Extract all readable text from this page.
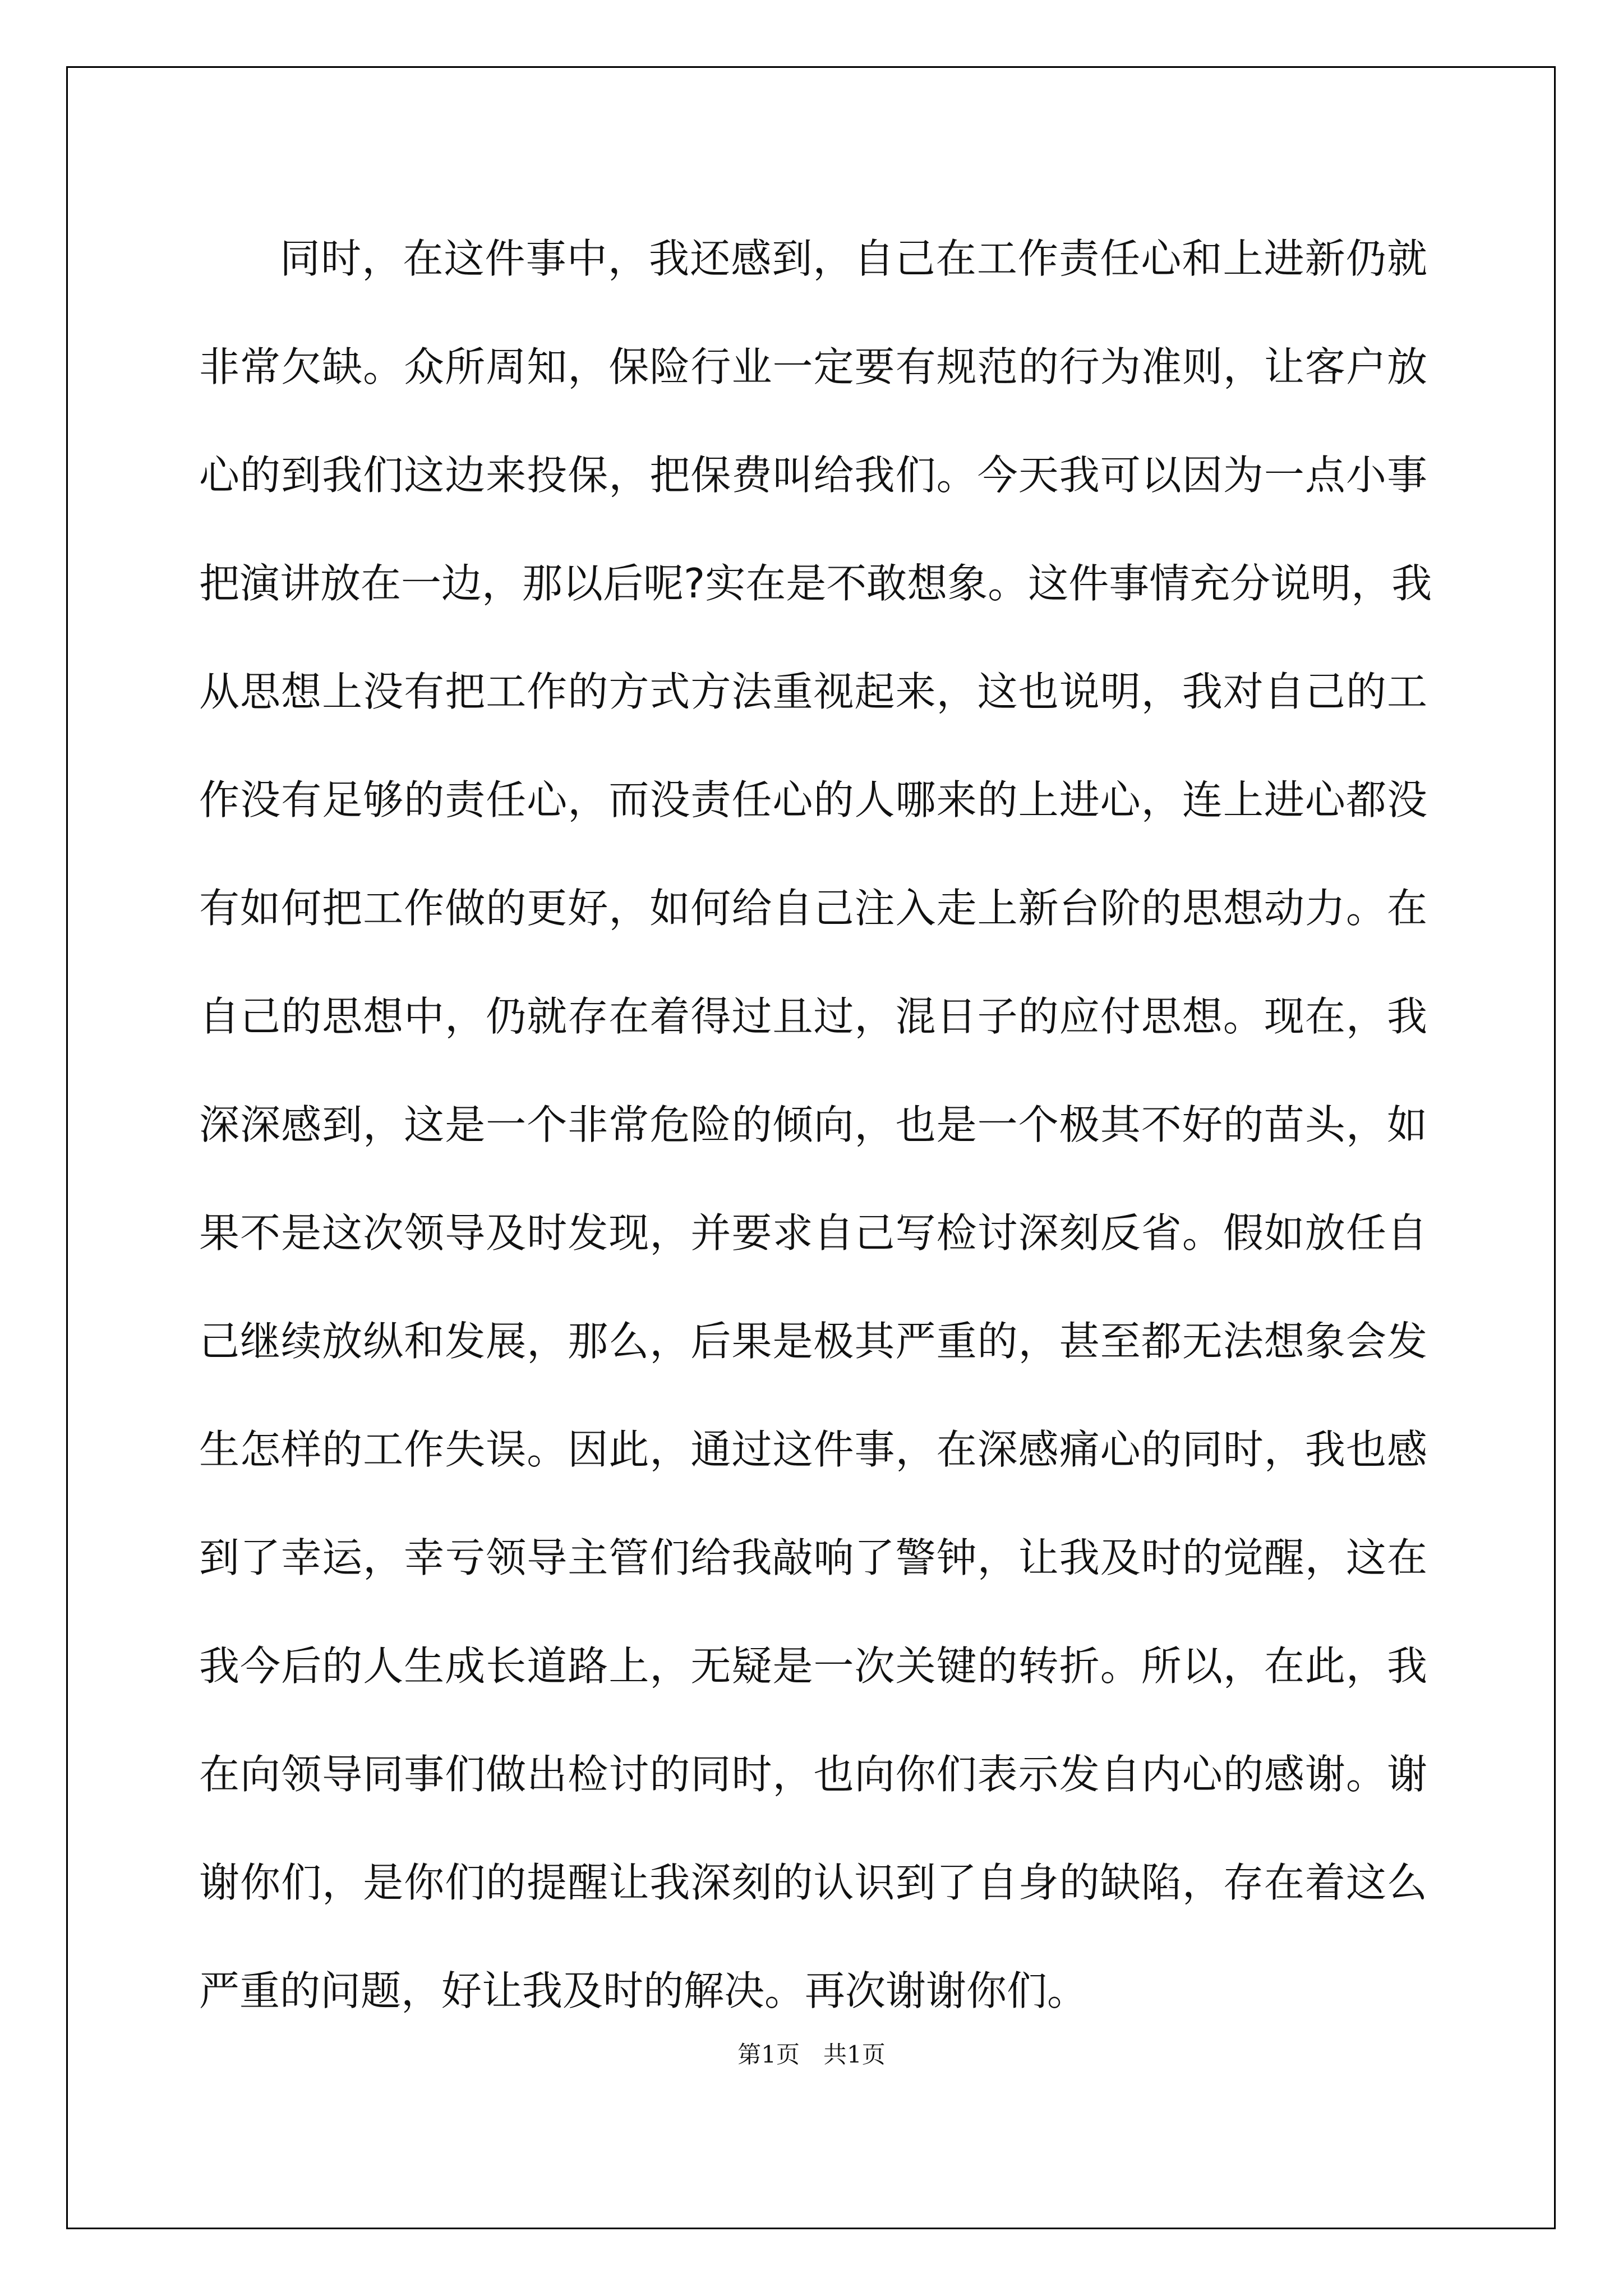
同时，在这件事中，我还感到，自己在工作责任心和上进新仍就
非常欠缺。众所周知，保险行业一定要有规范的行为准则，让客户放
心的到我们这边来投保，把保费叫给我们。今天我可以因为一点小事
把演讲放在一边，那以后呢?实在是不敢想象。这件事情充分说明，我
从思想上没有把工作的方式方法重视起来，这也说明，我对自己的工
作没有足够的责任心，而没责任心的人哪来的上进心，连上进心都没
有如何把工作做的更好，如何给自己注入走上新台阶的思想动力。在
自己的思想中，仍就存在着得过且过，混日子的应付思想。现在，我
深深感到，这是一个非常危险的倾向，也是一个极其不好的苗头，如
果不是这次领导及时发现，并要求自己写检讨深刻反省。假如放任自
己继续放纵和发展，那么，后果是极其严重的，甚至都无法想象会发
生怎样的工作失误。因此，通过这件事，在深感痛心的同时，我也感
到了幸运，幸亏领导主管们给我敲响了警钟，让我及时的觉醒，这在
我今后的人生成长道路上，无疑是一次关键的转折。所以，在此，我
在向领导同事们做出检讨的同时，也向你们表示发自内心的感谢。谢
谢你们，是你们的提醒让我深刻的认识到了自身的缺陷，存在着这么
严重的问题，好让我及时的解决。再次谢谢你们。
第1页　共1页
